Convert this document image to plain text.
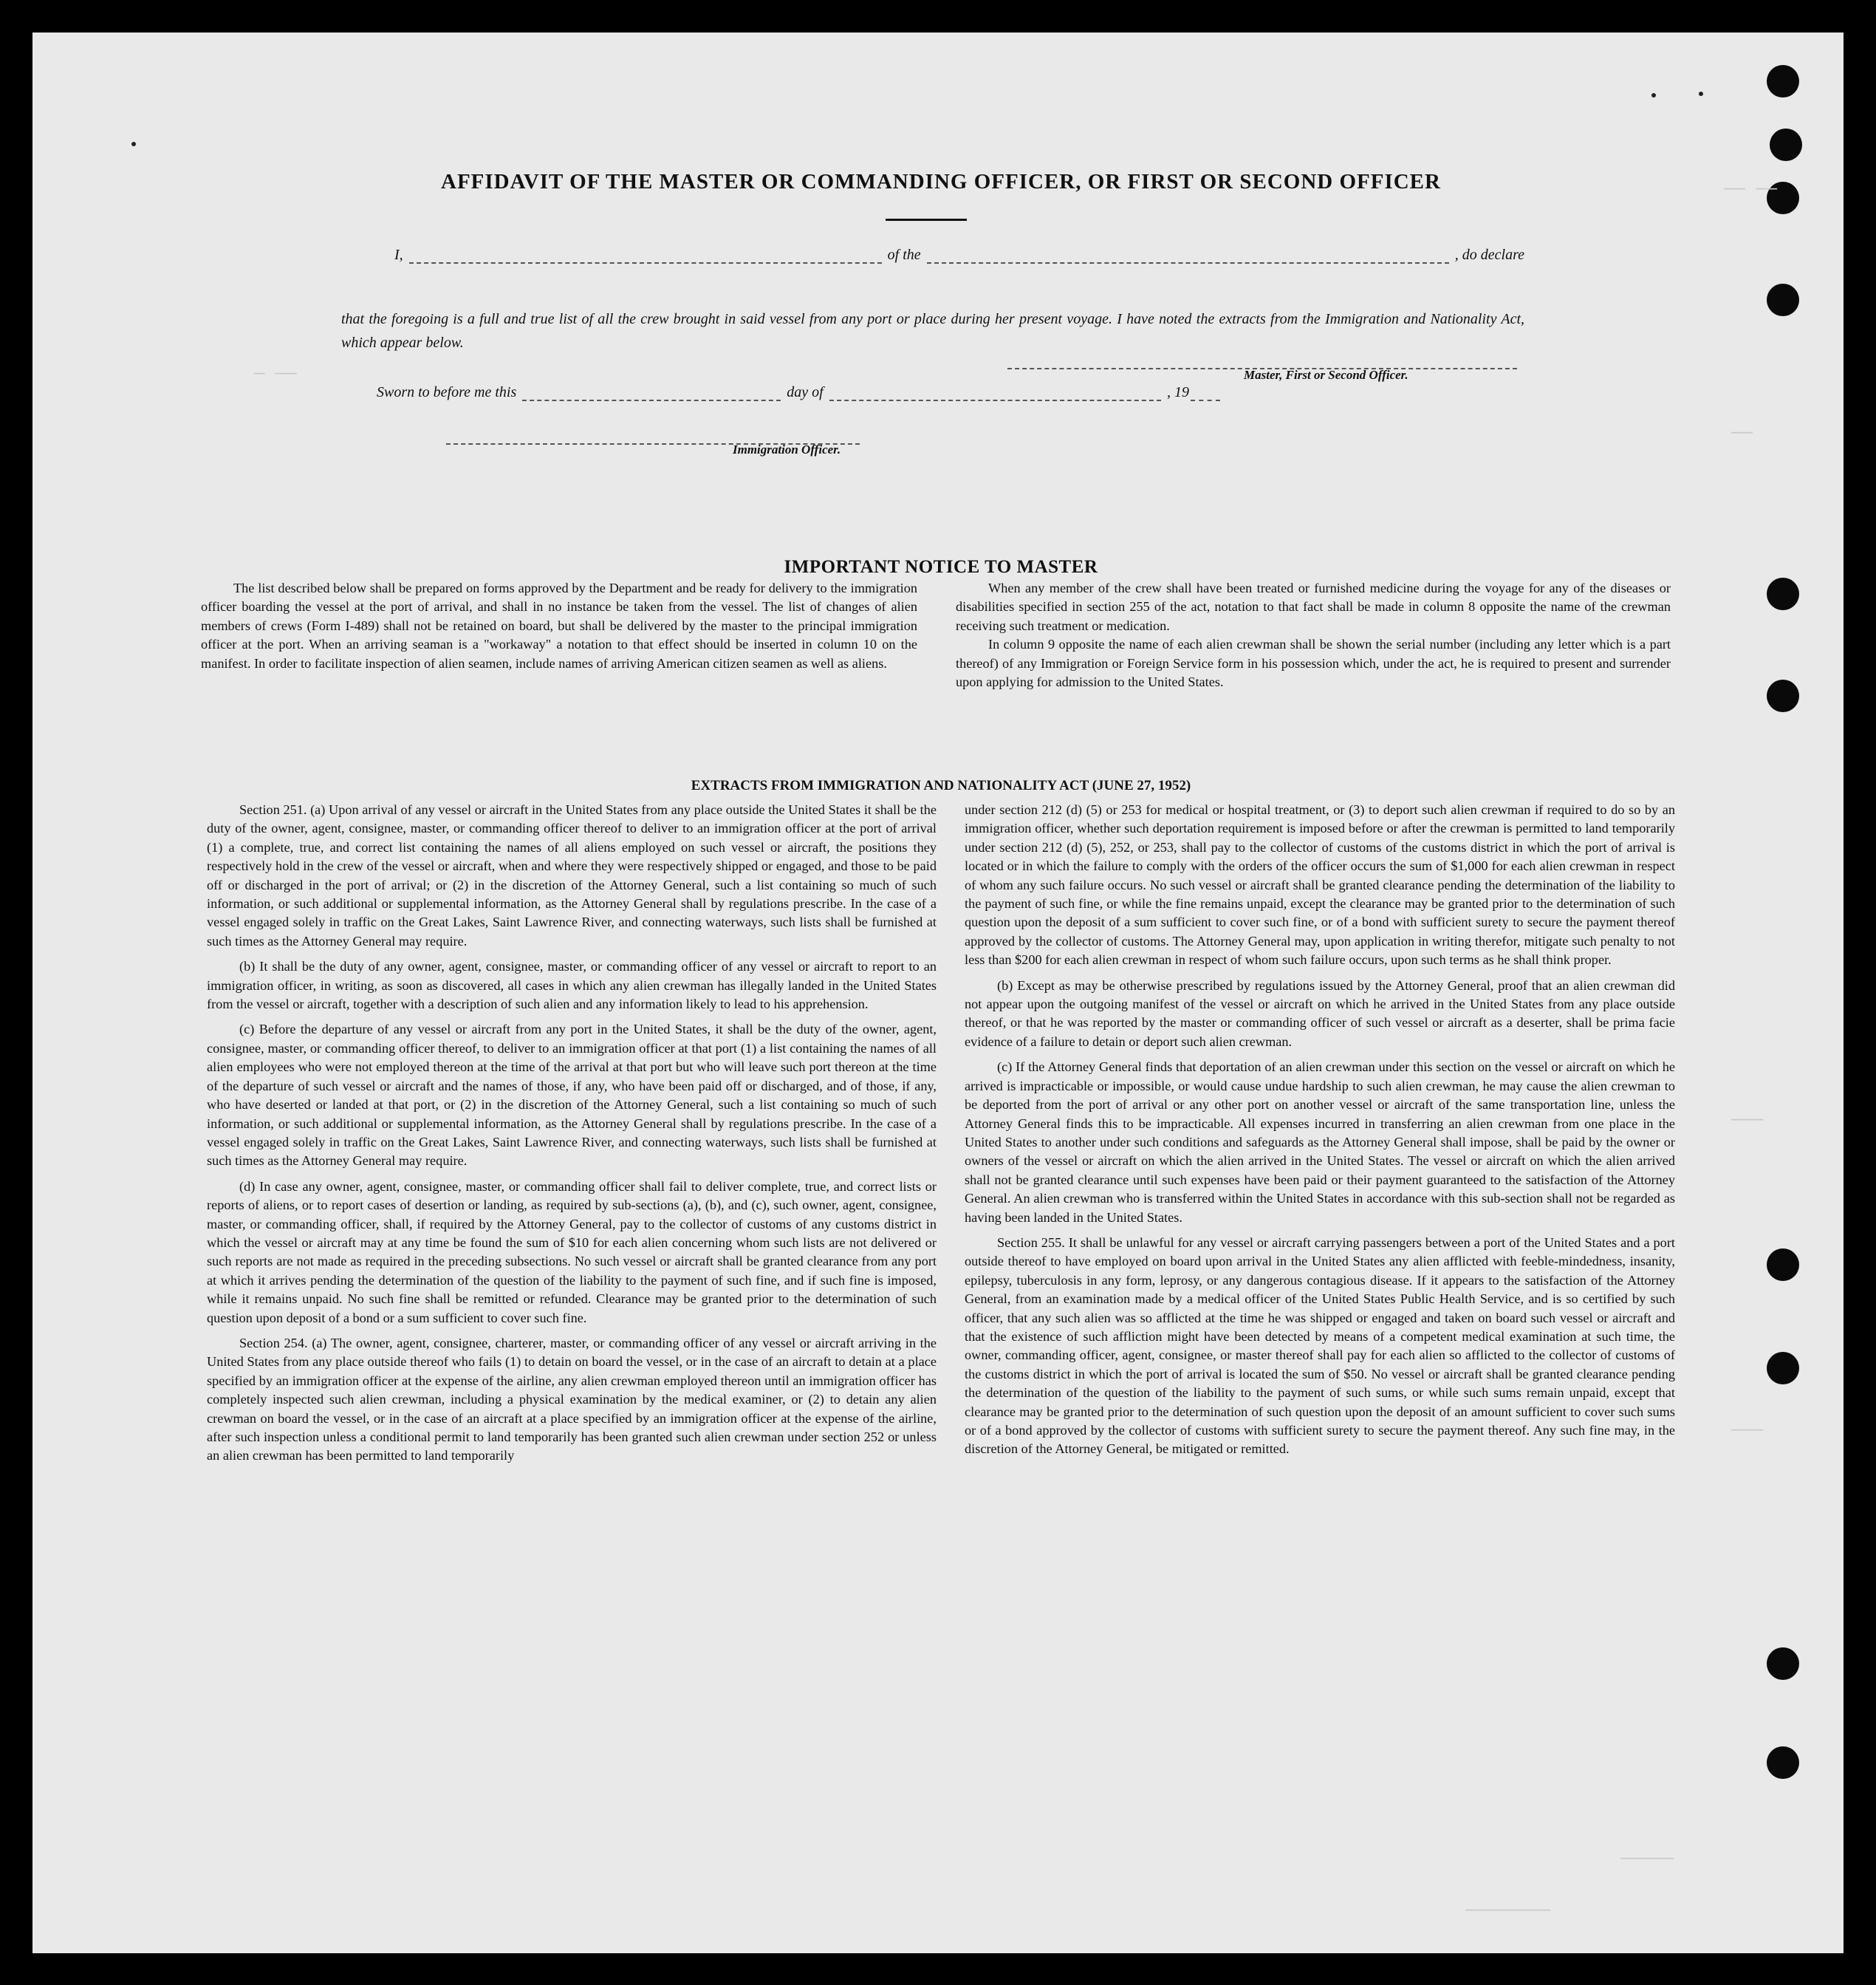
── ──
──
───
───
─────
────────
─ ──
AFFIDAVIT OF THE MASTER OR COMMANDING OFFICER, OR FIRST OR SECOND OFFICER
I,	of the	, do declare
that the foregoing is a full and true list of all the crew brought in said vessel from any port or place during her present voyage. I have noted the extracts from the Immigration and Nationality Act, which appear below.
Master, First or Second Officer.
Sworn to before me this	day of	, 19
Immigration Officer.
IMPORTANT NOTICE TO MASTER

The list described below shall be prepared on forms approved by the Department and be ready for delivery to the immigration officer boarding the vessel at the port of arrival, and shall in no instance be taken from the vessel. The list of changes of alien members of crews (Form I-489) shall not be retained on board, but shall be delivered by the master to the principal immigration officer at the port. When an arriving seaman is a "workaway" a notation to that effect should be inserted in column 10 on the manifest. In order to facilitate inspection of alien seamen, include names of arriving American citizen seamen as well as aliens.

When any member of the crew shall have been treated or furnished medicine during the voyage for any of the diseases or disabilities specified in section 255 of the act, notation to that fact shall be made in column 8 opposite the name of the crewman receiving such treatment or medication.

In column 9 opposite the name of each alien crewman shall be shown the serial number (including any letter which is a part thereof) of any Immigration or Foreign Service form in his possession which, under the act, he is required to present and surrender upon applying for admission to the United States.

EXTRACTS FROM IMMIGRATION AND NATIONALITY ACT (JUNE 27, 1952)

Section 251. (a) Upon arrival of any vessel or aircraft in the United States from any place outside the United States it shall be the duty of the owner, agent, consignee, master, or commanding officer thereof to deliver to an immigration officer at the port of arrival (1) a complete, true, and correct list containing the names of all aliens employed on such vessel or aircraft, the positions they respectively hold in the crew of the vessel or aircraft, when and where they were respectively shipped or engaged, and those to be paid off or discharged in the port of arrival; or (2) in the discretion of the Attorney General, such a list containing so much of such information, or such additional or supplemental information, as the Attorney General shall by regulations prescribe. In the case of a vessel engaged solely in traffic on the Great Lakes, Saint Lawrence River, and connecting waterways, such lists shall be furnished at such times as the Attorney General may require.

(b) It shall be the duty of any owner, agent, consignee, master, or commanding officer of any vessel or aircraft to report to an immigration officer, in writing, as soon as discovered, all cases in which any alien crewman has illegally landed in the United States from the vessel or aircraft, together with a description of such alien and any information likely to lead to his apprehension.

(c) Before the departure of any vessel or aircraft from any port in the United States, it shall be the duty of the owner, agent, consignee, master, or commanding officer thereof, to deliver to an immigration officer at that port (1) a list containing the names of all alien employees who were not employed thereon at the time of the arrival at that port but who will leave such port thereon at the time of the departure of such vessel or aircraft and the names of those, if any, who have been paid off or discharged, and of those, if any, who have deserted or landed at that port, or (2) in the discretion of the Attorney General, such a list containing so much of such information, or such additional or supplemental information, as the Attorney General shall by regulations prescribe. In the case of a vessel engaged solely in traffic on the Great Lakes, Saint Lawrence River, and connecting waterways, such lists shall be furnished at such times as the Attorney General may require.

(d) In case any owner, agent, consignee, master, or commanding officer shall fail to deliver complete, true, and correct lists or reports of aliens, or to report cases of desertion or landing, as required by sub-sections (a), (b), and (c), such owner, agent, consignee, master, or commanding officer, shall, if required by the Attorney General, pay to the collector of customs of any customs district in which the vessel or aircraft may at any time be found the sum of $10 for each alien concerning whom such lists are not delivered or such reports are not made as required in the preceding subsections. No such vessel or aircraft shall be granted clearance from any port at which it arrives pending the determination of the question of the liability to the payment of such fine, and if such fine is imposed, while it remains unpaid. No such fine shall be remitted or refunded. Clearance may be granted prior to the determination of such question upon deposit of a bond or a sum sufficient to cover such fine.

Section 254. (a) The owner, agent, consignee, charterer, master, or commanding officer of any vessel or aircraft arriving in the United States from any place outside thereof who fails (1) to detain on board the vessel, or in the case of an aircraft to detain at a place specified by an immigration officer at the expense of the airline, any alien crewman employed thereon until an immigration officer has completely inspected such alien crewman, including a physical examination by the medical examiner, or (2) to detain any alien crewman on board the vessel, or in the case of an aircraft at a place specified by an immigration officer at the expense of the airline, after such inspection unless a conditional permit to land temporarily has been granted such alien crewman under section 252 or unless an alien crewman has been permitted to land temporarily

under section 212 (d) (5) or 253 for medical or hospital treatment, or (3) to deport such alien crewman if required to do so by an immigration officer, whether such deportation requirement is imposed before or after the crewman is permitted to land temporarily under section 212 (d) (5), 252, or 253, shall pay to the collector of customs of the customs district in which the port of arrival is located or in which the failure to comply with the orders of the officer occurs the sum of $1,000 for each alien crewman in respect of whom any such failure occurs. No such vessel or aircraft shall be granted clearance pending the determination of the liability to the payment of such fine, or while the fine remains unpaid, except the clearance may be granted prior to the determination of such question upon the deposit of a sum sufficient to cover such fine, or of a bond with sufficient surety to secure the payment thereof approved by the collector of customs. The Attorney General may, upon application in writing therefor, mitigate such penalty to not less than $200 for each alien crewman in respect of whom such failure occurs, upon such terms as he shall think proper.

(b) Except as may be otherwise prescribed by regulations issued by the Attorney General, proof that an alien crewman did not appear upon the outgoing manifest of the vessel or aircraft on which he arrived in the United States from any place outside thereof, or that he was reported by the master or commanding officer of such vessel or aircraft as a deserter, shall be prima facie evidence of a failure to detain or deport such alien crewman.

(c) If the Attorney General finds that deportation of an alien crewman under this section on the vessel or aircraft on which he arrived is impracticable or impossible, or would cause undue hardship to such alien crewman, he may cause the alien crewman to be deported from the port of arrival or any other port on another vessel or aircraft of the same transportation line, unless the Attorney General finds this to be impracticable. All expenses incurred in transferring an alien crewman from one place in the United States to another under such conditions and safeguards as the Attorney General shall impose, shall be paid by the owner or owners of the vessel or aircraft on which the alien arrived in the United States. The vessel or aircraft on which the alien arrived shall not be granted clearance until such expenses have been paid or their payment guaranteed to the satisfaction of the Attorney General. An alien crewman who is transferred within the United States in accordance with this sub-section shall not be regarded as having been landed in the United States.

Section 255. It shall be unlawful for any vessel or aircraft carrying passengers between a port of the United States and a port outside thereof to have employed on board upon arrival in the United States any alien afflicted with feeble-mindedness, insanity, epilepsy, tuberculosis in any form, leprosy, or any dangerous contagious disease. If it appears to the satisfaction of the Attorney General, from an examination made by a medical officer of the United States Public Health Service, and is so certified by such officer, that any such alien was so afflicted at the time he was shipped or engaged and taken on board such vessel or aircraft and that the existence of such affliction might have been detected by means of a competent medical examination at such time, the owner, commanding officer, agent, consignee, or master thereof shall pay for each alien so afflicted to the collector of customs of the customs district in which the port of arrival is located the sum of $50. No vessel or aircraft shall be granted clearance pending the determination of the question of the liability to the payment of such sums, or while such sums remain unpaid, except that clearance may be granted prior to the determination of such question upon the deposit of an amount sufficient to cover such sums or of a bond approved by the collector of customs with sufficient surety to secure the payment thereof. Any such fine may, in the discretion of the Attorney General, be mitigated or remitted.
